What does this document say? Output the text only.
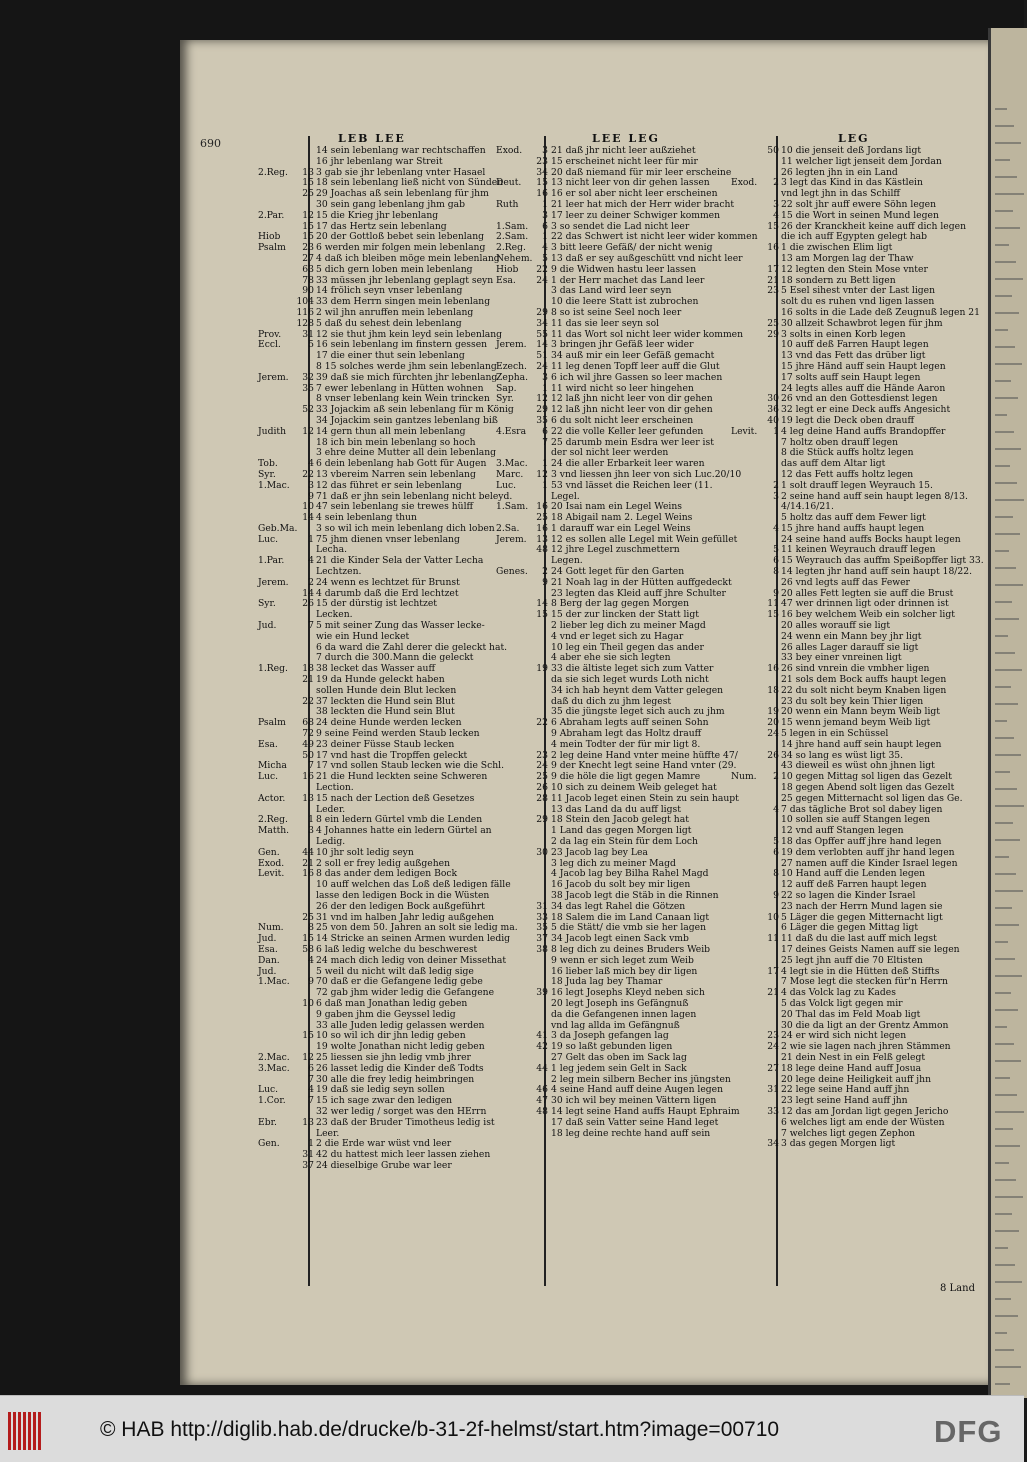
690	LEB LEE	LEE LEG	LEG
14 sein lebenlang war rechtschaffen
16 jhr lebenlang war Streit
2.Reg.	13 3 gab sie jhr lebenlang vnter Hasael
15 18 sein lebenlang ließ nicht von Sünden
25 29 Joachas aß sein lebenlang für jhm
30 sein gang lebenlang jhm gab
2.Par.	12 15 die Krieg jhr lebenlang
15 17 das Hertz sein lebenlang
Hiob	15 20 der Gottloß bebet sein lebenlang
Psalm	23 6 werden mir folgen mein lebenlang
27 4 daß ich bleiben möge mein lebenlang
63 5 dich gern loben mein lebenlang
78 33 müssen jhr lebenlang geplagt seyn
90 14 frölich seyn vnser lebenlang
104 33 dem Herrn singen mein lebenlang
116 2 wil jhn anruffen mein lebenlang
128 5 daß du sehest dein lebenlang
Prov.	31 12 sie thut jhm kein leyd sein lebenlang
Eccl.	5 16 sein lebenlang im finstern gessen
17 die einer thut sein lebenlang
8 15 solches werde jhm sein lebenlang
Jerem.	32 39 daß sie mich fürchten jhr lebenlang
35 7 ewer lebenlang in Hütten wohnen
8 vnser lebenlang kein Wein trincken
52 33 Jojackim aß sein lebenlang für m König
34 Jojackim sein gantzes lebenlang biß
Judith	12 14 gern thun all mein lebenlang
18 ich bin mein lebenlang so hoch
3 ehre deine Mutter all dein lebenlang
Tob.	4 6 dein lebenlang hab Gott für Augen
Syr.	22 13 vbereim Narren sein lebenlang
1.Mac.	3 12 das führet er sein lebenlang
9 71 daß er jhn sein lebenlang nicht beleyd.
10 47 sein lebenlang sie trewes hülff
14 4 sein lebenlang thun
Geb.Ma.	3 so wil ich mein lebenlang dich loben
Luc.	1 75 jhm dienen vnser lebenlang
Lecha.
1.Par.	4 21 die Kinder Sela der Vatter Lecha
Lechtzen.
Jerem.	2 24 wenn es lechtzet für Brunst
14 4 darumb daß die Erd lechtzet
Syr.	26 15 der dürstig ist lechtzet
Lecken.
Jud.	7 5 mit seiner Zung das Wasser lecke-
wie ein Hund lecket
6 da ward die Zahl derer die geleckt hat.
7 durch die 300.Mann die geleckt
1.Reg.	18 38 lecket das Wasser auff
21 19 da Hunde geleckt haben
sollen Hunde dein Blut lecken
22 37 leckten die Hund sein Blut
38 leckten die Hund sein Blut
Psalm	68 24 deine Hunde werden lecken
72 9 seine Feind werden Staub lecken
Esa.	49 23 deiner Füsse Staub lecken
50 17 vnd hast die Tropffen geleckt
Micha	7 17 vnd sollen Staub lecken wie die Schl.
Luc.	16 21 die Hund leckten seine Schweren
Lection.
Actor.	13 15 nach der Lection deß Gesetzes
Leder.
2.Reg.	1 8 ein ledern Gürtel vmb die Lenden
Matth.	3 4 Johannes hatte ein ledern Gürtel an
Ledig.
Gen.	44 10 jhr solt ledig seyn
Exod.	21 2 soll er frey ledig außgehen
Levit.	16 8 das ander dem ledigen Bock
10 auff welchen das Loß deß ledigen fälle
lasse den ledigen Bock in die Wüsten
26 der den ledigen Bock außgeführt
25 31 vnd im halben Jahr ledig außgehen
Num.	8 25 von dem 50. Jahren an solt sie ledig ma.
Jud.	15 14 Stricke an seinen Armen wurden ledig
Esa.	58 6 laß ledig welche du beschwerest
Dan.	4 24 mach dich ledig von deiner Missethat
Jud.	5 weil du nicht wilt daß ledig sige
1.Mac.	9 70 daß er die Gefangene ledig gebe
72 gab jhm wider ledig die Gefangene
10 6 daß man Jonathan ledig geben
9 gaben jhm die Geyssel ledig
33 alle Juden ledig gelassen werden
15 10 so wil ich dir jhn ledig geben
19 wolte Jonathan nicht ledig geben
2.Mac.	12 25 liessen sie jhn ledig vmb jhrer
3.Mac.	6 26 lasset ledig die Kinder deß Todts
7 30 alle die frey ledig heimbringen
Luc.	4 19 daß sie ledig seyn sollen
1.Cor.	7 15 ich sage zwar den ledigen
32 wer ledig / sorget was den HErrn
Ebr.	13 23 daß der Bruder Timotheus ledig ist
Leer.
Gen.	1 2 die Erde war wüst vnd leer
31 42 du hattest mich leer lassen ziehen
37 24 dieselbige Grube war leer
Exod.	3 21 daß jhr nicht leer außziehet
23 15 erscheinet nicht leer für mir
34 20 daß niemand für mir leer erscheine
Deut.	15 13 nicht leer von dir gehen lassen
16 16 er sol aber nicht leer erscheinen
Ruth	1 21 leer hat mich der Herr wider bracht
3 17 leer zu deiner Schwiger kommen
1.Sam.	6 3 so sendet die Lad nicht leer
2.Sam.	1 22 das Schwert ist nicht leer wider kommen
2.Reg.	4 3 bitt leere Gefäß/ der nicht wenig
Nehem.	5 13 daß er sey außgeschütt vnd nicht leer
Hiob	22 9 die Widwen hastu leer lassen
Esa.	24 1 der Herr machet das Land leer
3 das Land wird leer seyn
10 die leere Statt ist zubrochen
29 8 so ist seine Seel noch leer
34 11 das sie leer seyn sol
55 11 das Wort sol nicht leer wider kommen
Jerem.	14 3 bringen jhr Gefäß leer wider
51 34 auß mir ein leer Gefäß gemacht
Ezech.	24 11 leg denen Topff leer auff die Glut
Zepha.	3 6 ich wil jhre Gassen so leer machen
Sap.	1 11 wird nicht so leer hingehen
Syr.	12 12 laß jhn nicht leer von dir gehen
29 12 laß jhn nicht leer von dir gehen
35 6 du solt nicht leer erscheinen
4.Esra	6 22 die volle Keller leer gefunden
7 25 darumb mein Esdra wer leer ist
der sol nicht leer werden
3.Mac.	1 24 die aller Erbarkeit leer waren
Marc.	12 3 vnd liessen jhn leer von sich Luc.20/10
Luc.	1 53 vnd lässet die Reichen leer (11.
Legel.
1.Sam. 16 20 Isai nam ein Legel Weins
25 18 Abigail nam 2. Legel Weins
2.Sa.	16 1 darauff war ein Legel Weins
Jerem.	13 12 es sollen alle Legel mit Wein gefüllet
48 12 jhre Legel zuschmettern
Legen.
Genes.	2 24 Gott leget für den Garten
9 21 Noah lag in der Hütten auffgedeckt
23 legten das Kleid auff jhre Schulter
14 8 Berg der lag gegen Morgen
15 15 der zur lincken der Statt ligt
2 lieber leg dich zu meiner Magd
4 vnd er leget sich zu Hagar
10 leg ein Theil gegen das ander
4 aber ehe sie sich legten
19 33 die ältiste leget sich zum Vatter
da sie sich leget wurds Loth nicht
34 ich hab heynt dem Vatter gelegen
daß du dich zu jhm legest
35 die jüngste leget sich auch zu jhm
22 6 Abraham legts auff seinen Sohn
9 Abraham legt das Holtz drauff
4 mein Todter der für mir ligt 8.
23 2 leg deine Hand vnter meine hüffte 47/
24 9 der Knecht legt seine Hand vnter (29.
25 9 die höle die ligt gegen Mamre
26 10 sich zu deinem Weib geleget hat
28 11 Jacob leget einen Stein zu sein haupt
13 das Land da du auff ligst
29 18 Stein den Jacob gelegt hat
1 Land das gegen Morgen ligt
2 da lag ein Stein für dem Loch
30 23 Jacob lag bey Lea
3 leg dich zu meiner Magd
4 Jacob lag bey Bilha Rahel Magd
16 Jacob du solt bey mir ligen
38 Jacob legt die Stäb in die Rinnen
31 34 das legt Rahel die Götzen
33 18 Salem die im Land Canaan ligt
35 5 die Stätt/ die vmb sie her lagen
37 34 Jacob legt einen Sack vmb
38 8 leg dich zu deines Bruders Weib
9 wenn er sich leget zum Weib
16 lieber laß mich bey dir ligen
18 Juda lag bey Thamar
39 16 legt Josephs Kleyd neben sich
20 legt Joseph ins Gefängnuß
da die Gefangenen innen lagen
vnd lag allda im Gefängnuß
41 3 da Joseph gefangen lag
42 19 so laßt gebunden ligen
27 Gelt das oben im Sack lag
44 1 leg jedem sein Gelt in Sack
2 leg mein silbern Becher ins jüngsten
46 4 seine Hand auff deine Augen legen
47 30 ich wil bey meinen Vättern ligen
48 14 legt seine Hand auffs Haupt Ephraim
17 daß sein Vatter seine Hand leget
18 leg deine rechte hand auff sein
50 10 die jenseit deß Jordans ligt
11 welcher ligt jenseit dem Jordan
26 legten jhn in ein Land
Exod.	2 3 legt das Kind in das Kästlein
vnd legt jhn in das Schilff
3 22 solt jhr auff ewere Söhn legen
4 15 die Wort in seinen Mund legen
15 26 der Kranckheit keine auff dich legen
die ich auff Egypten gelegt hab
16 1 die zwischen Elim ligt
13 am Morgen lag der Thaw
17 12 legten den Stein Mose vnter
21 18 sondern zu Bett ligen
23 5 Esel sihest vnter der Last ligen
solt du es ruhen vnd ligen lassen
16 solts in die Lade deß Zeugnuß legen 21
25 30 allzeit Schawbrot legen für jhm
29 3 solts in einen Korb legen
10 auff deß Farren Haupt legen
13 vnd das Fett das drüber ligt
15 jhre Händ auff sein Haupt legen
17 solts auff sein Haupt legen
24 legts alles auff die Hände Aaron
30 26 vnd an den Gottesdienst legen
36 32 legt er eine Deck auffs Angesicht
40 19 legt die Deck oben drauff
Levit.	1 4 leg deine Hand auffs Brandopffer
7 holtz oben drauff legen
8 die Stück auffs holtz legen
das auff dem Altar ligt
12 das Fett auffs holtz legen
2 1 solt drauff legen Weyrauch 15.
3 2 seine hand auff sein haupt legen 8/13.
4/14.16/21.
5 holtz das auff dem Fewer ligt
4 15 jhre hand auffs haupt legen
24 seine hand auffs Bocks haupt legen
5 11 keinen Weyrauch drauff legen
6 15 Weyrauch das auffm Speißopffer ligt 33.
8 14 legten jhr hand auff sein haupt 18/22.
26 vnd legts auff das Fewer
9 20 alles Fett legten sie auff die Brust
11 47 wer drinnen ligt oder drinnen ist
15 16 bey welchem Weib ein solcher ligt
20 alles worauff sie ligt
24 wenn ein Mann bey jhr ligt
26 alles Lager darauff sie ligt
33 bey einer vnreinen ligt
16 26 sind vnrein die vmbher ligen
21 sols dem Bock auffs haupt legen
18 22 du solt nicht beym Knaben ligen
23 du solt bey kein Thier ligen
19 20 wenn ein Mann beym Weib ligt
20 15 wenn jemand beym Weib ligt
24 5 legen in ein Schüssel
14 jhre hand auff sein haupt legen
26 34 so lang es wüst ligt 35.
43 dieweil es wüst ohn jhnen ligt
Num.	2 10 gegen Mittag sol ligen das Gezelt
18 gegen Abend solt ligen das Gezelt
25 gegen Mitternacht sol ligen das Ge.
4 7 das tägliche Brot sol dabey ligen
10 sollen sie auff Stangen legen
12 vnd auff Stangen legen
5 18 das Opffer auff jhre hand legen
6 19 dem verlobten auff jhr hand legen
27 namen auff die Kinder Israel legen
8 10 Hand auff die Lenden legen
12 auff deß Farren haupt legen
9 22 so lagen die Kinder Israel
23 nach der Herrn Mund lagen sie
10 5 Läger die gegen Mitternacht ligt
6 Läger die gegen Mittag ligt
11 11 daß du die last auff mich legst
17 deines Geists Namen auff sie legen
25 legt jhn auff die 70 Eltisten
17 4 legt sie in die Hütten deß Stiffts
7 Mose legt die stecken für'n Herrn
21 4 das Volck lag zu Kades
5 das Volck ligt gegen mir
20 Thal das im Feld Moab ligt
30 die da ligt an der Grentz Ammon
23 24 er wird sich nicht legen
24 2 wie sie lagen nach jhren Stämmen
21 dein Nest in ein Felß gelegt
27 18 lege deine Hand auff Josua
20 lege deine Heiligkeit auff jhn
31 22 lege seine Hand auff jhn
23 legt seine Hand auff jhn
33 12 das am Jordan ligt gegen Jericho
6 welches ligt am ende der Wüsten
7 welches ligt gegen Zephon
34 3 das gegen Morgen ligt
8 Land
© HAB http://diglib.hab.de/drucke/b-31-2f-helmst/start.htm?image=00710	DFG
